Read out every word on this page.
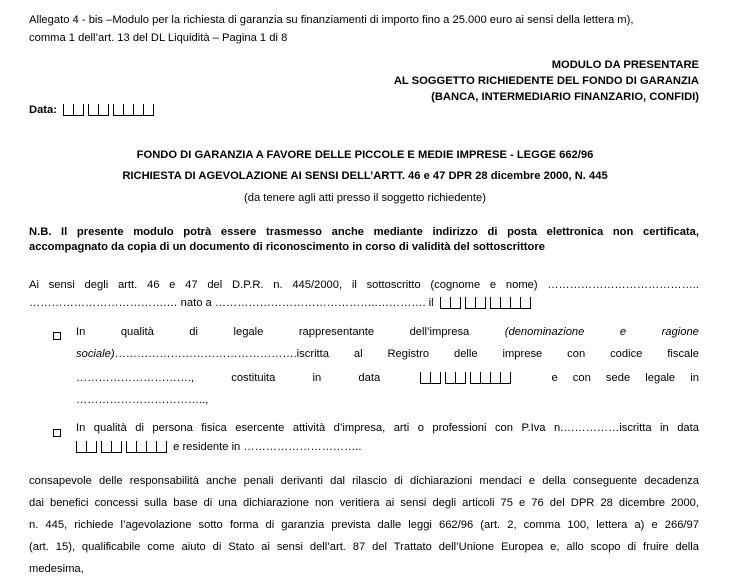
Allegato 4 - bis –Modulo per la richiesta di garanzia su finanziamenti di importo fino a 25.000 euro ai sensi della lettera m),
comma 1 dell’art. 13 del DL Liquidità – Pagina 1 di 8
MODULO DA PRESENTARE
AL SOGGETTO RICHIEDENTE DEL FONDO DI GARANZIA
(BANCA, INTERMEDIARIO FINANZARIO, CONFIDI)
Data:
FONDO DI GARANZIA A FAVORE DELLE PICCOLE E MEDIE IMPRESE - LEGGE 662/96
RICHIESTA DI AGEVOLAZIONE AI SENSI DELL’ARTT. 46 e 47 DPR 28 dicembre 2000, N. 445
(da tenere agli atti presso il soggetto richiedente)
N.B. Il presente modulo potrà essere trasmesso anche mediante indirizzo di posta elettronica non certificata,
accompagnato da copia di un documento di riconoscimento in corso di validità del sottoscrittore
Ai sensi degli artt. 46 e 47 del D.P.R. n. 445/2000, il sottoscritto (cognome e nome) …………………………………..
……………………………….… nato a ……………………………………..…………. il
In	qualità	di	legale	rappresentante	dell’impresa	(denominazione	e	ragione
sociale) ………………………………………….iscritta al Registro delle imprese con codice fiscale
………………………….,	costituita	in	data	e con sede legale in
……………………………..,
In qualità di persona fisica esercente attività d’impresa, arti o professioni con P.Iva n.……………iscritta in data
e residente in …………………………..
consapevole delle responsabilità anche penali derivanti dal rilascio di dichiarazioni mendaci e della conseguente decadenza
dai benefici concessi sulla base di una dichiarazione non veritiera ai sensi degli articoli 75 e 76 del DPR 28 dicembre 2000,
n. 445, richiede l’agevolazione sotto forma di garanzia prevista dalle leggi 662/96 (art. 2, comma 100, lettera a) e 266/97
(art. 15), qualificabile come aiuto di Stato ai sensi dell’art. 87 del Trattato dell’Unione Europea e, allo scopo di fruire della
medesima,
